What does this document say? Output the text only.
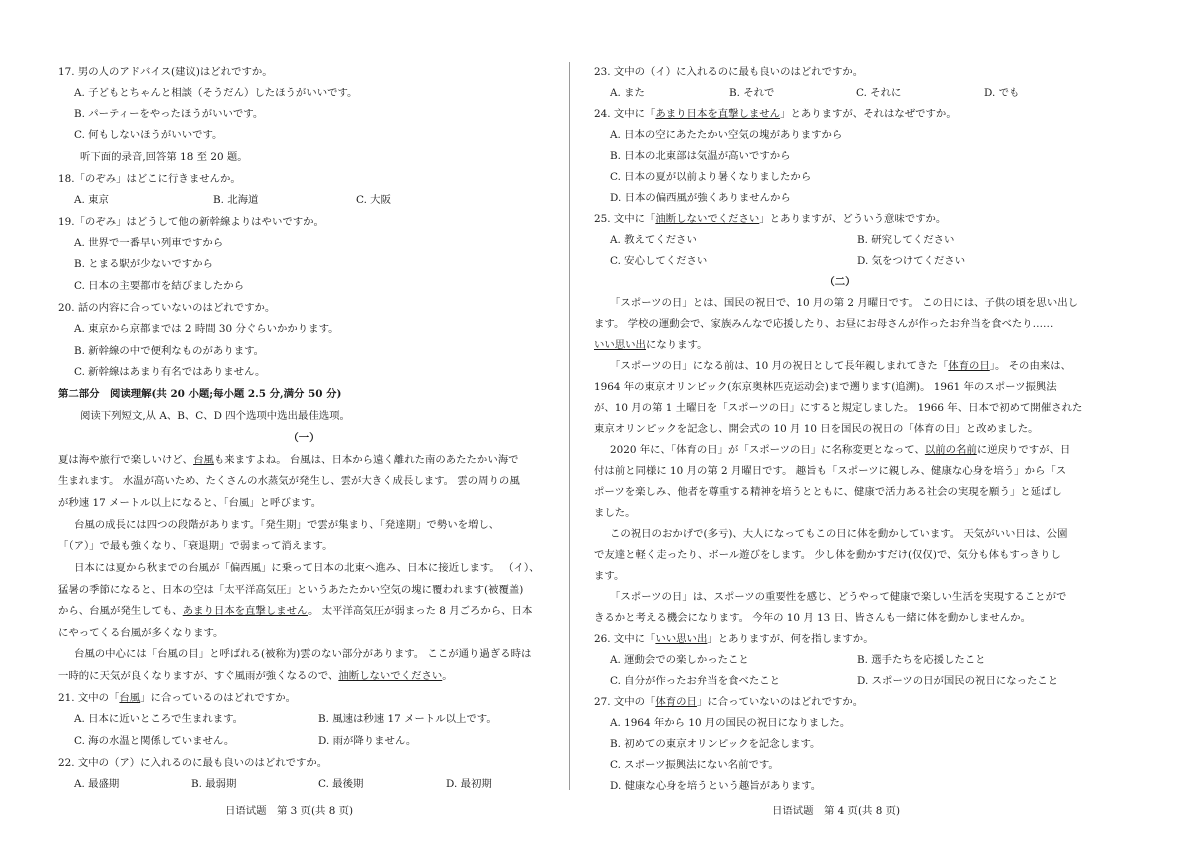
17. 男の人のアドバイス(建议)はどれですか。
A. 子どもとちゃんと相談（そうだん）したほうがいいです。
B. パーティーをやったほうがいいです。
C. 何もしないほうがいいです。
听下面的录音,回答第 18 至 20 题。
18.「のぞみ」はどこに行きませんか。
A. 東京	B. 北海道	C. 大阪
19.「のぞみ」はどうして他の新幹線よりはやいですか。
A. 世界で一番早い列車ですから
B. とまる駅が少ないですから
C. 日本の主要都市を結びましたから
20. 話の内容に合っていないのはどれですか。
A. 東京から京都までは 2 時間 30 分ぐらいかかります。
B. 新幹線の中で便利なものがあります。
C. 新幹線はあまり有名ではありません。
第二部分　阅读理解(共 20 小题;每小题 2.5 分,满分 50 分)
阅读下列短文,从 A、B、C、D 四个选项中选出最佳选项。
（一）
夏は海や旅行で楽しいけど、台風も来ますよね。 台風は、日本から遠く離れた南のあたたかい海で
生まれます。 水温が高いため、たくさんの水蒸気が発生し、雲が大きく成長します。 雲の周りの風
が秒速 17 メートル以上になると、「台風」と呼びます。
台風の成長には四つの段階があります。「発生期」で雲が集まり、「発達期」で勢いを増し、
「（ア）」で最も強くなり、「衰退期」で弱まって消えます。
日本には夏から秋までの台風が「偏西風」に乗って日本の北東へ進み、日本に接近します。 （イ）、
猛暑の季節になると、日本の空は「太平洋高気圧」というあたたかい空気の塊に覆われます(被覆盖)
から、台風が発生しても、あまり日本を直撃しません。 太平洋高気圧が弱まった 8 月ごろから、日本
にやってくる台風が多くなります。
台風の中心には「台風の目」と呼ばれる(被称为)雲のない部分があります。 ここが通り過ぎる時は
一時的に天気が良くなりますが、すぐ風雨が強くなるので、油断しないでください。
21. 文中の「台風」に合っているのはどれですか。
A. 日本に近いところで生まれます。	B. 風速は秒速 17 メートル以上です。
C. 海の水温と関係していません。	D. 雨が降りません。
22. 文中の（ア）に入れるのに最も良いのはどれですか。
A. 最盛期	B. 最弱期	C. 最後期	D. 最初期
日语试题　第 3 页(共 8 页)
23. 文中の（イ）に入れるのに最も良いのはどれですか。
A. また	B. それで	C. それに	D. でも
24. 文中に「あまり日本を直撃しません」とありますが、それはなぜですか。
A. 日本の空にあたたかい空気の塊がありますから
B. 日本の北東部は気温が高いですから
C. 日本の夏が以前より暑くなりましたから
D. 日本の偏西風が強くありませんから
25. 文中に「油断しないでください」とありますが、どういう意味ですか。
A. 教えてください	B. 研究してください
C. 安心してください	D. 気をつけてください
（二）
「スポーツの日」とは、国民の祝日で、10 月の第 2 月曜日です。 この日には、子供の頃を思い出し
ます。 学校の運動会で、家族みんなで応援したり、お昼にお母さんが作ったお弁当を食べたり……
いい思い出になります。
「スポーツの日」になる前は、10 月の祝日として長年親しまれてきた「体育の日」。 その由来は、
1964 年の東京オリンピック(东京奥林匹克运动会)まで遡ります(追溯)。 1961 年のスポーツ振興法
が、10 月の第 1 土曜日を「スポーツの日」にすると規定しました。 1966 年、日本で初めて開催された
東京オリンピックを記念し、開会式の 10 月 10 日を国民の祝日の「体育の日」と改めました。
2020 年に、「体育の日」が「スポーツの日」に名称変更となって、以前の名前に逆戻りですが、日
付は前と同様に 10 月の第 2 月曜日です。 趣旨も「スポーツに親しみ、健康な心身を培う」から「ス
ポーツを楽しみ、他者を尊重する精神を培うとともに、健康で活力ある社会の実現を願う」と延ばし
ました。
この祝日のおかげで(多亏)、大人になってもこの日に体を動かしています。 天気がいい日は、公園
で友達と軽く走ったり、ボール遊びをします。 少し体を動かすだけ(仅仅)で、気分も体もすっきりし
ます。
「スポーツの日」は、スポーツの重要性を感じ、どうやって健康で楽しい生活を実現することがで
きるかと考える機会になります。 今年の 10 月 13 日、皆さんも一緒に体を動かしませんか。
26. 文中に「いい思い出」とありますが、何を指しますか。
A. 運動会での楽しかったこと	B. 選手たちを応援したこと
C. 自分が作ったお弁当を食べたこと	D. スポーツの日が国民の祝日になったこと
27. 文中の「体育の日」に合っていないのはどれですか。
A. 1964 年から 10 月の国民の祝日になりました。
B. 初めての東京オリンピックを記念します。
C. スポーツ振興法にない名前です。
D. 健康な心身を培うという趣旨があります。
日语试题　第 4 页(共 8 页)
